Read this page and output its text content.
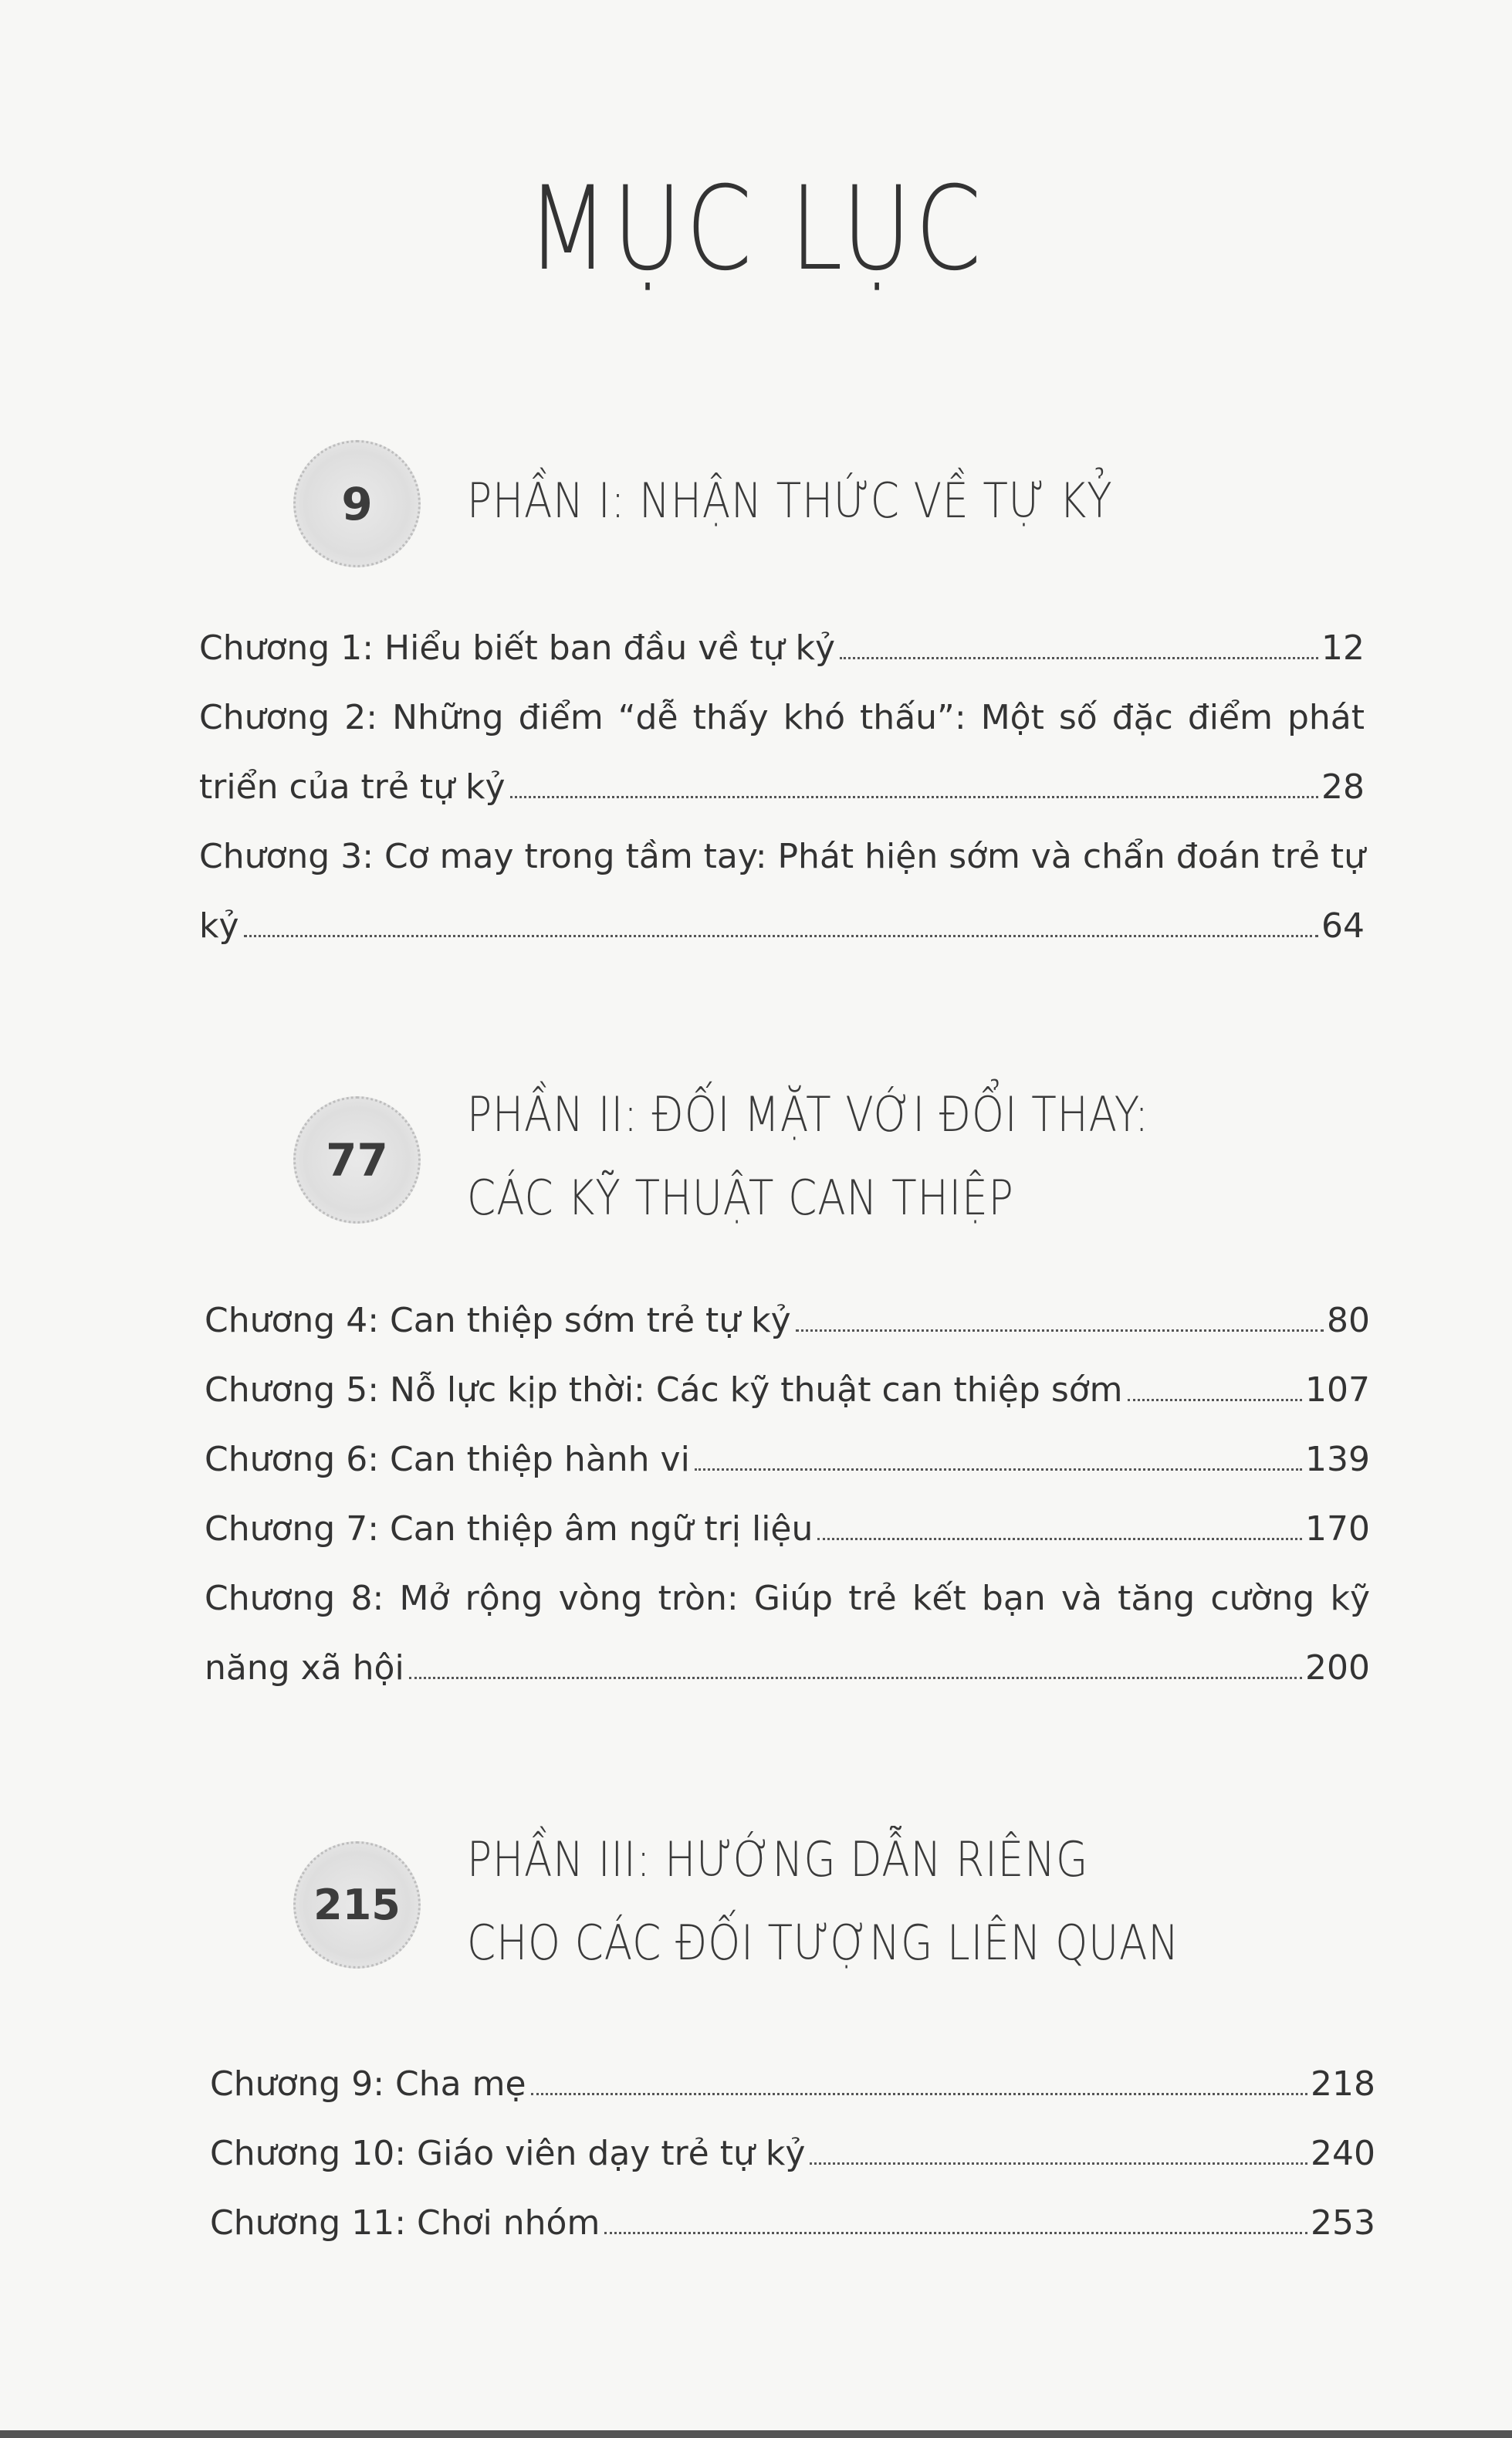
MỤC LỤC
9	PHẦN I: NHẬN THỨC VỀ TỰ KỶ
Chương 1: Hiểu biết ban đầu về tự kỷ	12
Chương 2: Những điểm “dễ thấy khó thấu”: Một số đặc điểm phát
triển của trẻ tự kỷ	28
Chương 3: Cơ may trong tầm tay: Phát hiện sớm và chẩn đoán trẻ tự
kỷ	64
77
PHẦN II: ĐỐI MẶT VỚI ĐỔI THAY:
CÁC KỸ THUẬT CAN THIỆP
Chương 4: Can thiệp sớm trẻ tự kỷ	80
Chương 5: Nỗ lực kịp thời: Các kỹ thuật can thiệp sớm	107
Chương 6: Can thiệp hành vi	139
Chương 7: Can thiệp âm ngữ trị liệu	170
Chương 8: Mở rộng vòng tròn: Giúp trẻ kết bạn và tăng cường kỹ
năng xã hội	200
215
PHẦN III: HƯỚNG DẪN RIÊNG
CHO CÁC ĐỐI TƯỢNG LIÊN QUAN
Chương 9: Cha mẹ	218
Chương 10: Giáo viên dạy trẻ tự kỷ	240
Chương 11: Chơi nhóm	253
